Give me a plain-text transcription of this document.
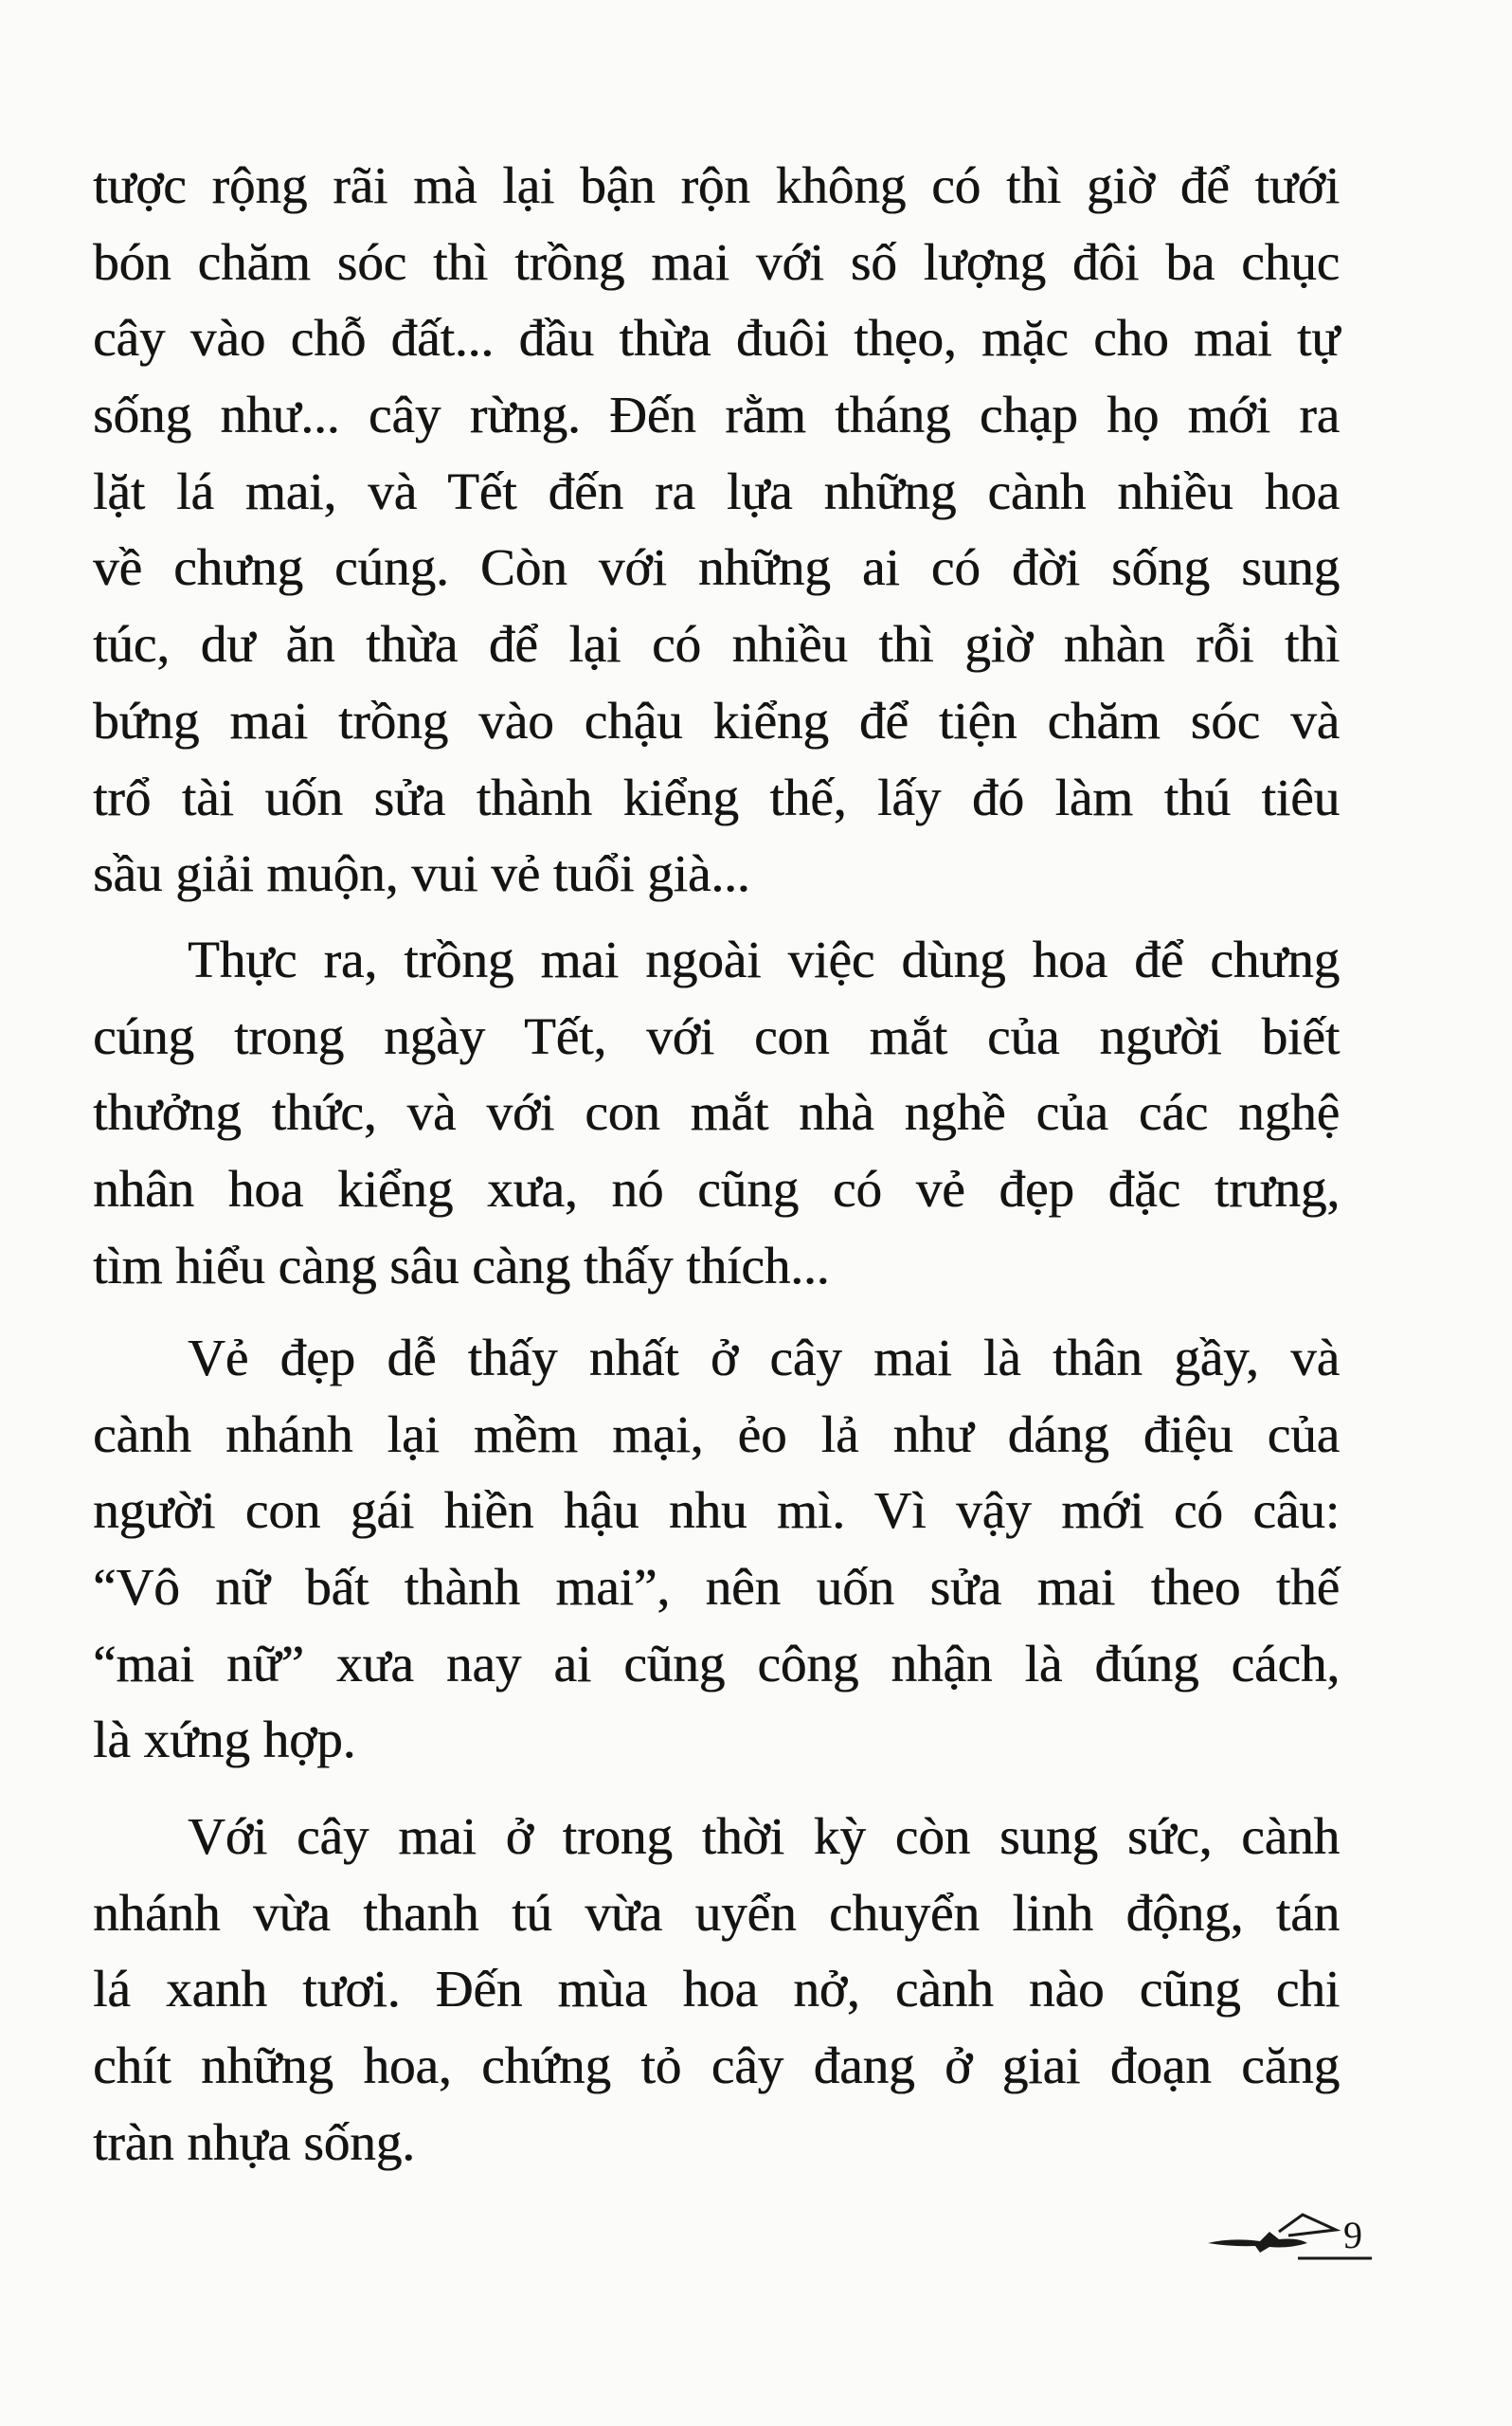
tược rộng rãi mà lại bận rộn không có thì giờ để tưới
bón chăm sóc thì trồng mai với số lượng đôi ba chục
cây vào chỗ đất... đầu thừa đuôi thẹo, mặc cho mai tự
sống như... cây rừng. Đến rằm tháng chạp họ mới ra
lặt lá mai, và Tết đến ra lựa những cành nhiều hoa
về chưng cúng. Còn với những ai có đời sống sung
túc, dư ăn thừa để lại có nhiều thì giờ nhàn rỗi thì
bứng mai trồng vào chậu kiểng để tiện chăm sóc và
trổ tài uốn sửa thành kiểng thế, lấy đó làm thú tiêu
sầu giải muộn, vui vẻ tuổi già...
Thực ra, trồng mai ngoài việc dùng hoa để chưng
cúng trong ngày Tết, với con mắt của người biết
thưởng thức, và với con mắt nhà nghề của các nghệ
nhân hoa kiểng xưa, nó cũng có vẻ đẹp đặc trưng,
tìm hiểu càng sâu càng thấy thích...
Vẻ đẹp dễ thấy nhất ở cây mai là thân gầy, và
cành nhánh lại mềm mại, ẻo lả như dáng điệu của
người con gái hiền hậu nhu mì. Vì vậy mới có câu:
“Vô nữ bất thành mai”, nên uốn sửa mai theo thế
“mai nữ” xưa nay ai cũng công nhận là đúng cách,
là xứng hợp.
Với cây mai ở trong thời kỳ còn sung sức, cành
nhánh vừa thanh tú vừa uyển chuyển linh động, tán
lá xanh tươi. Đến mùa hoa nở, cành nào cũng chi
chít những hoa, chứng tỏ cây đang ở giai đoạn căng
tràn nhựa sống.
9
